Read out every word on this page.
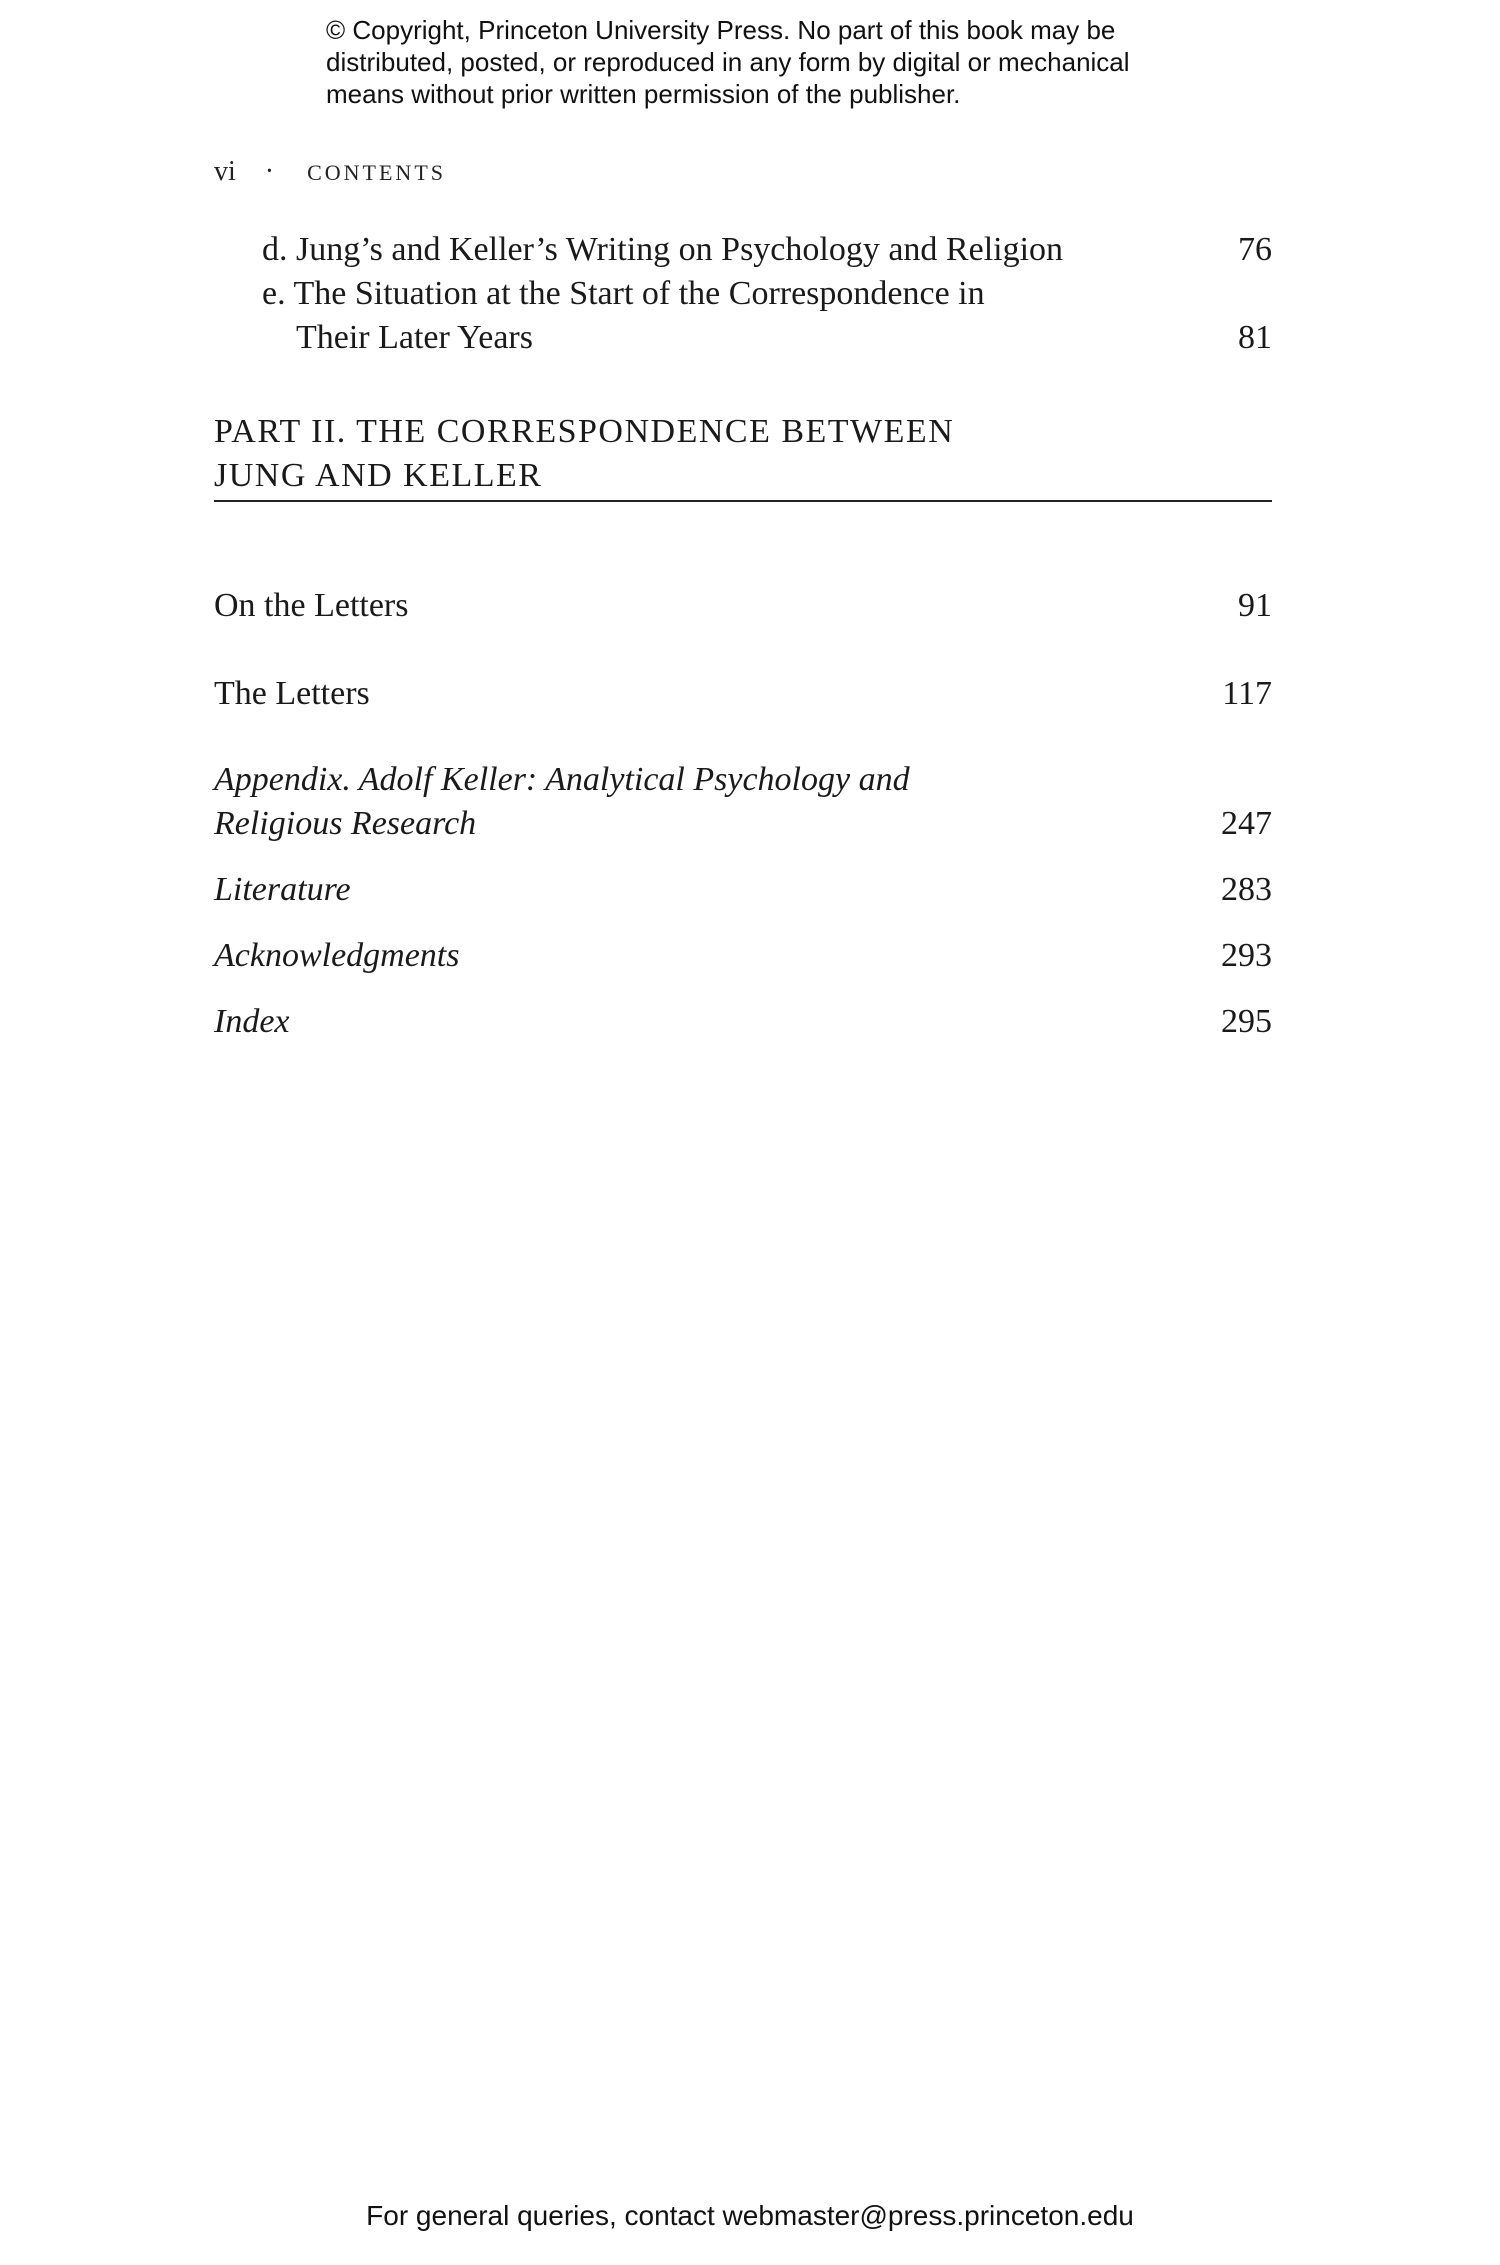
© Copyright, Princeton University Press. No part of this book may be
distributed, posted, or reproduced in any form by digital or mechanical
means without prior written permission of the publisher.
vi · CONTENTS
d. Jung’s and Keller’s Writing on Psychology and Religion	76
e. The Situation at the Start of the Correspondence in
Their Later Years	81
PART II. THE CORRESPONDENCE BETWEEN
JUNG AND KELLER
On the Letters	91
The Letters	117
Appendix. Adolf Keller: Analytical Psychology and
Religious Research	247
Literature	283
Acknowledgments	293
Index	295
For general queries, contact webmaster@press.princeton.edu
